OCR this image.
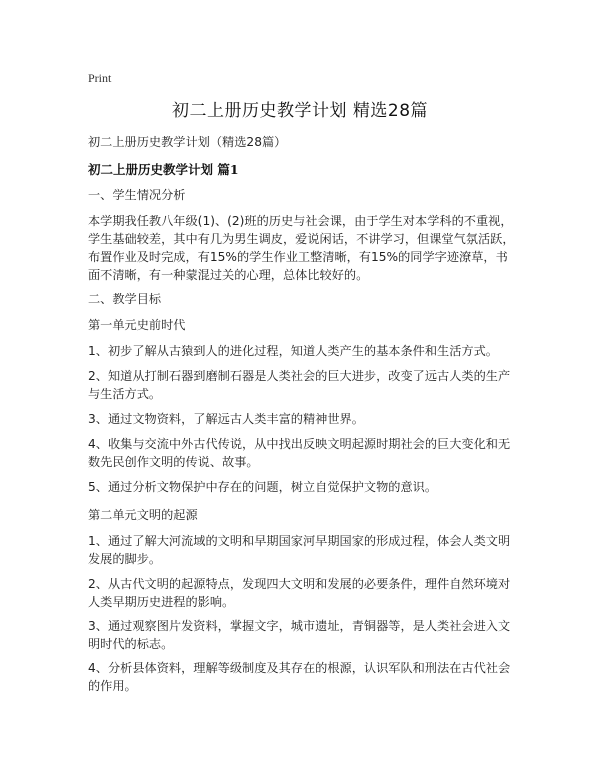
Print
初二上册历史教学计划 精选28篇

初二上册历史教学计划（精选28篇）

初二上册历史教学计划 篇1

一、学生情况分析

本学期我任教八年级(1)、(2)班的历史与社会课，由于学生对本学科的不重视，学生基础较差，其中有几为男生调皮，爱说闲话，不讲学习，但课堂气氛活跃，布置作业及时完成，有15%的学生作业工整清晰，有15%的同学字迹潦草，书面不清晰，有一种蒙混过关的心理，总体比较好的。

二、教学目标

第一单元史前时代

1、初步了解从古猿到人的进化过程，知道人类产生的基本条件和生活方式。

2、知道从打制石器到磨制石器是人类社会的巨大进步，改变了远古人类的生产与生活方式。

3、通过文物资料，了解远古人类丰富的精神世界。

4、收集与交流中外古代传说，从中找出反映文明起源时期社会的巨大变化和无数先民创作文明的传说、故事。

5、通过分析文物保护中存在的问题，树立自觉保护文物的意识。

第二单元文明的起源

1、通过了解大河流域的文明和早期国家河早期国家的形成过程，体会人类文明发展的脚步。

2、从古代文明的起源特点，发现四大文明和发展的必要条件，理件自然环境对人类早期历史进程的影响。

3、通过观察图片发资料，掌握文字，城市遗址，青铜器等，是人类社会进入文明时代的标志。

4、分析县体资料，理解等级制度及其存在的根源，认识军队和刑法在古代社会的作用。
